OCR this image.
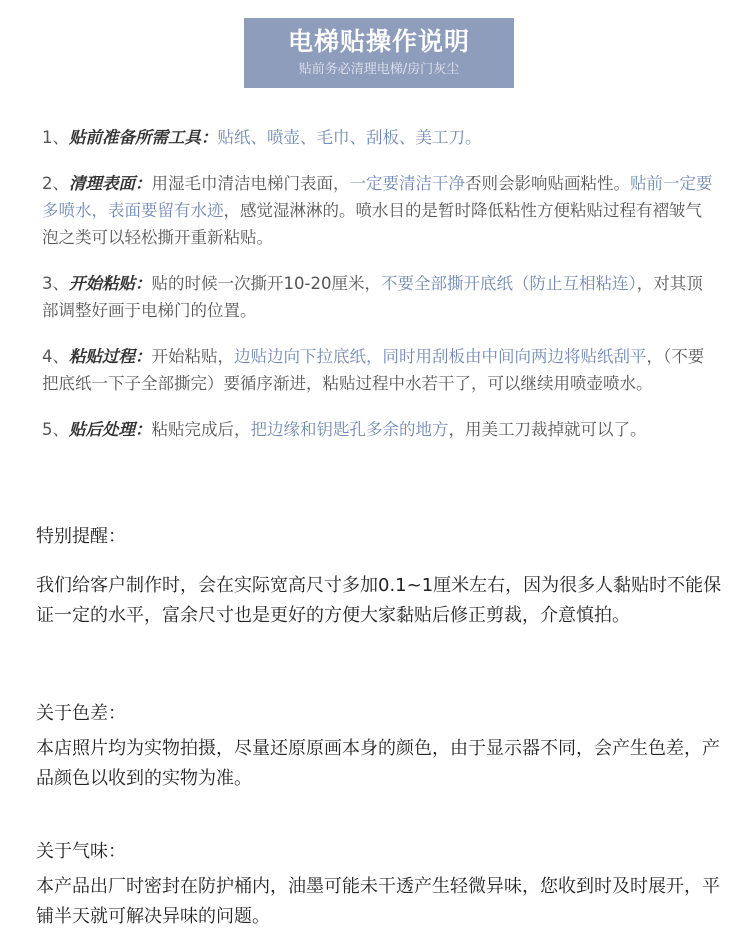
电梯贴操作说明
贴前务必清理电梯/房门灰尘
1、贴前准备所需工具：贴纸、喷壶、毛巾、刮板、美工刀。
2、清理表面：用湿毛巾清洁电梯门表面，一定要清洁干净否则会影响贴画粘性。贴前一定要多喷水，表面要留有水迹，感觉湿淋淋的。喷水目的是暂时降低粘性方便粘贴过程有褶皱气泡之类可以轻松撕开重新粘贴。
3、开始粘贴：贴的时候一次撕开10-20厘米，不要全部撕开底纸（防止互相粘连），对其顶部调整好画于电梯门的位置。
4、粘贴过程：开始粘贴，边贴边向下拉底纸，同时用刮板由中间向两边将贴纸刮平，（不要把底纸一下子全部撕完）要循序渐进，粘贴过程中水若干了，可以继续用喷壶喷水。
5、贴后处理：粘贴完成后，把边缘和钥匙孔多余的地方，用美工刀裁掉就可以了。
特别提醒：
我们给客户制作时，会在实际宽高尺寸多加0.1~1厘米左右，因为很多人黏贴时不能保证一定的水平，富余尺寸也是更好的方便大家黏贴后修正剪裁，介意慎拍。
关于色差：
本店照片均为实物拍摄，尽量还原原画本身的颜色，由于显示器不同，会产生色差，产品颜色以收到的实物为准。
关于气味：
本产品出厂时密封在防护桶内，油墨可能未干透产生轻微异味，您收到时及时展开，平铺半天就可解决异味的问题。
